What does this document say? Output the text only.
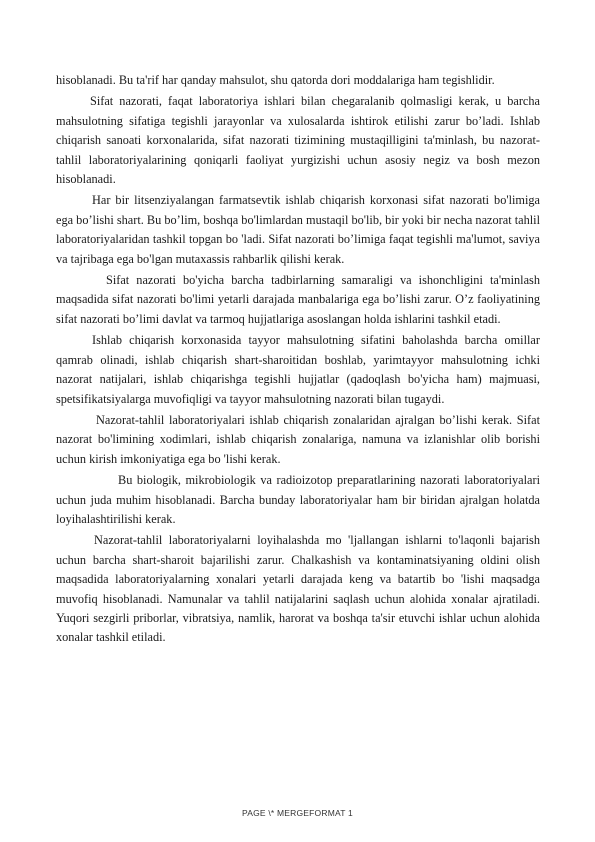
hisoblanadi. Bu ta'rif har qanday mahsulot, shu qatorda dori moddalariga ham tegishlidir.

Sifat nazorati, faqat laboratoriya ishlari bilan chegaralanib qolmasligi kerak, u barcha mahsulotning sifatiga tegishli jarayonlar va xulosalarda ishtirok etilishi zarur bo’ladi. Ishlab chiqarish sanoati korxonalarida, sifat nazorati tizimining mustaqilligini ta'minlash, bu nazorat-tahlil laboratoriyalarining qoniqarli faoliyat yurgizishi uchun asosiy negiz va bosh mezon hisoblanadi.

Har bir litsenziyalangan farmatsevtik ishlab chiqarish korxonasi sifat nazorati bo'limiga ega bo’lishi shart. Bu bo’lim, boshqa bo'limlardan mustaqil bo'lib, bir yoki bir necha nazorat tahlil laboratoriyalaridan tashkil topgan bo 'ladi. Sifat nazorati bo’limiga faqat tegishli ma'lumot, saviya va tajribaga ega bo'lgan mutaxassis rahbarlik qilishi kerak.

Sifat nazorati bo'yicha barcha tadbirlarning samaraligi va ishonchligini ta'minlash maqsadida sifat nazorati bo'limi yetarli darajada manbalariga ega bo’lishi zarur. O’z faoliyatining sifat nazorati bo’limi davlat va tarmoq hujjatlariga asoslangan holda ishlarini tashkil etadi.

Ishlab chiqarish korxonasida tayyor mahsulotning sifatini baholashda barcha omillar qamrab olinadi, ishlab chiqarish shart-sharoitidan boshlab, yarimtayyor mahsulotning ichki nazorat natijalari, ishlab chiqarishga tegishli hujjatlar (qadoqlash bo'yicha ham) majmuasi, spetsifikatsiyalarga muvofiqligi va tayyor mahsulotning nazorati bilan tugaydi.

Nazorat-tahlil laboratoriyalari ishlab chiqarish zonalaridan ajralgan bo’lishi kerak. Sifat nazorat bo'limining xodimlari, ishlab chiqarish zonalariga, namuna va izlanishlar olib borishi uchun kirish imkoniyatiga ega bo 'lishi kerak.

Bu biologik, mikrobiologik va radioizotop preparatlarining nazorati laboratoriyalari uchun juda muhim hisoblanadi. Barcha bunday laboratoriyalar ham bir biridan ajralgan holatda loyihalashtirilishi kerak.

Nazorat-tahlil laboratoriyalarni loyihalashda mo 'ljallangan ishlarni to'laqonli bajarish uchun barcha shart-sharoit bajarilishi zarur. Chalkashish va kontaminatsiyaning oldini olish maqsadida laboratoriyalarning xonalari yetarli darajada keng va batartib bo 'lishi maqsadga muvofiq hisoblanadi. Namunalar va tahlil natijalarini saqlash uchun alohida xonalar ajratiladi. Yuqori sezgirli priborlar, vibratsiya, namlik, harorat va boshqa ta'sir etuvchi ishlar uchun alohida xonalar tashkil etiladi.

PAGE \* MERGEFORMAT 1
